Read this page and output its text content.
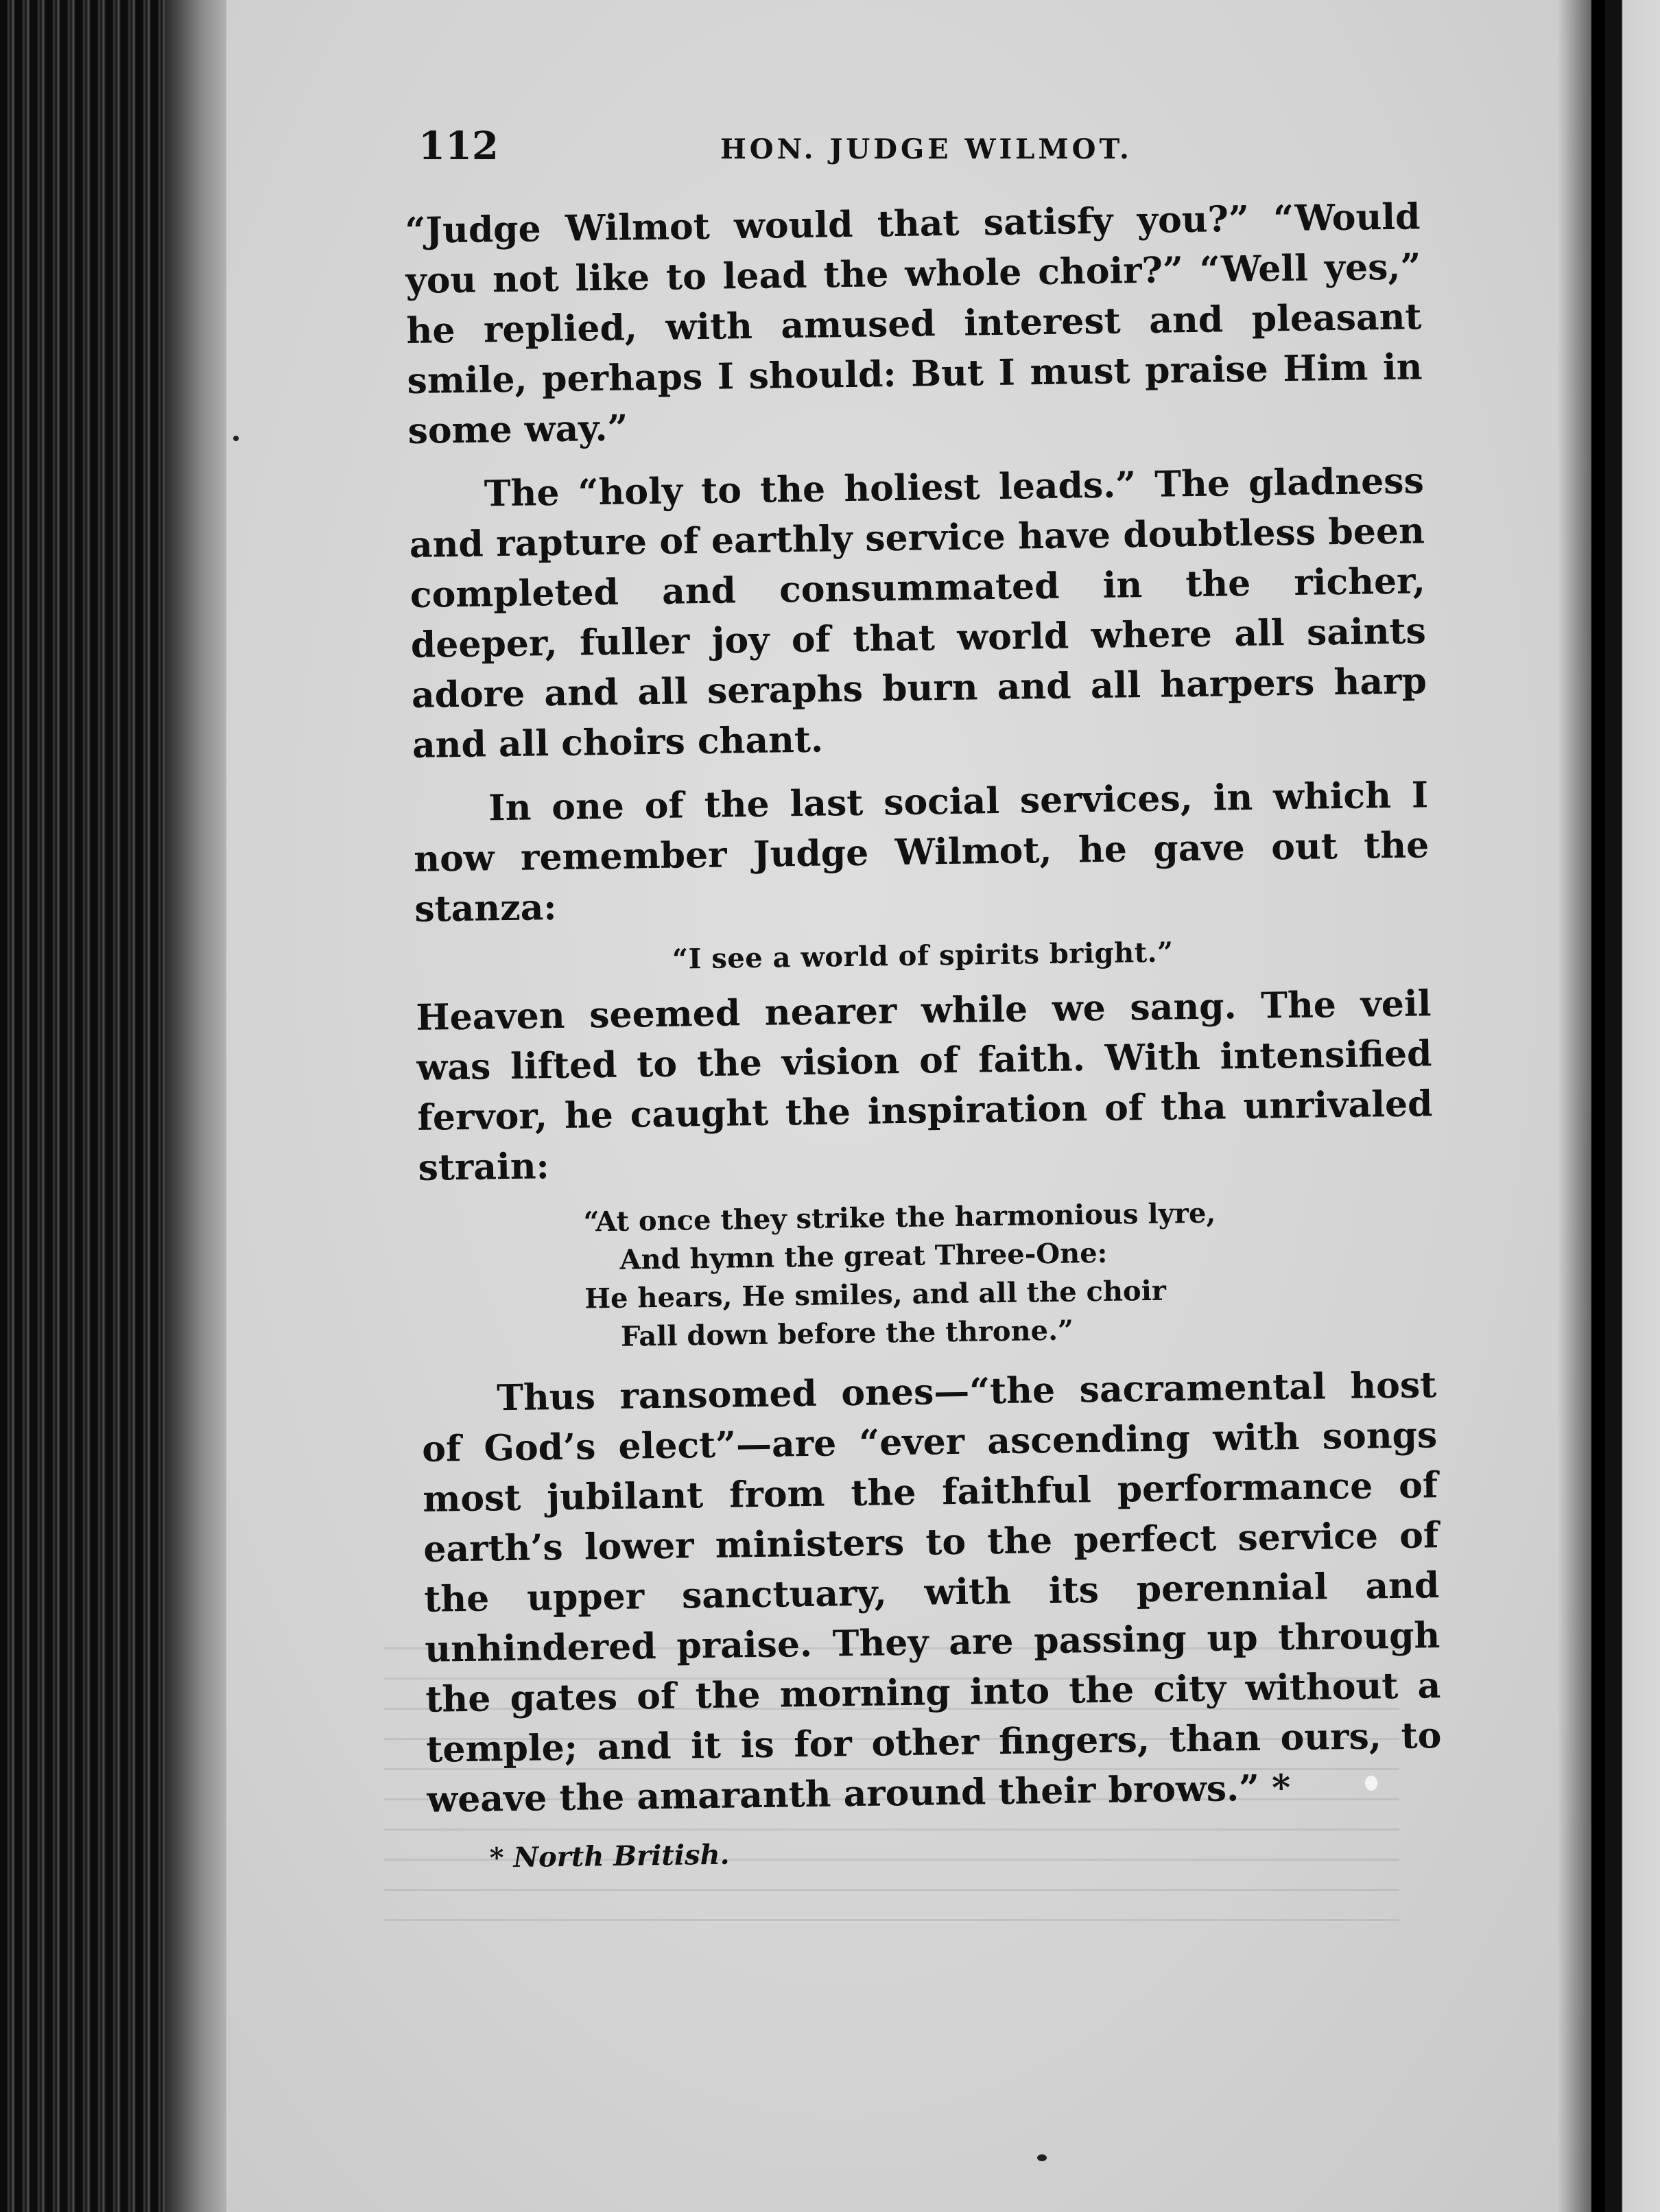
112	HON. JUDGE WILMOT.

“Judge Wilmot would that satisfy you?” “Would you not like to lead the whole choir?” “Well yes,” he replied, with amused interest and pleasant smile, perhaps I should: But I must praise Him in some way.”

The “holy to the holiest leads.” The gladness and rapture of earthly service have doubtless been completed and consummated in the richer, deeper, fuller joy of that world where all saints adore and all seraphs burn and all harpers harp and all choirs chant.

In one of the last social services, in which I now remember Judge Wilmot, he gave out the stanza:

“I see a world of spirits bright.”

Heaven seemed nearer while we sang. The veil was lifted to the vision of faith. With intensified fervor, he caught the inspiration of tha unrivaled strain:

“At once they strike the harmonious lyre,
And hymn the great Three-One:
He hears, He smiles, and all the choir
Fall down before the throne.”

Thus ransomed ones—“the sacramental host of God’s elect”—are “ever ascending with songs most jubilant from the faithful performance of earth’s lower ministers to the perfect service of the upper sanctuary, with its perennial and unhindered praise. They are passing up through the gates of the morning into the city without a temple; and it is for other fingers, than ours, to weave the amaranth around their brows.” *

* North British.
